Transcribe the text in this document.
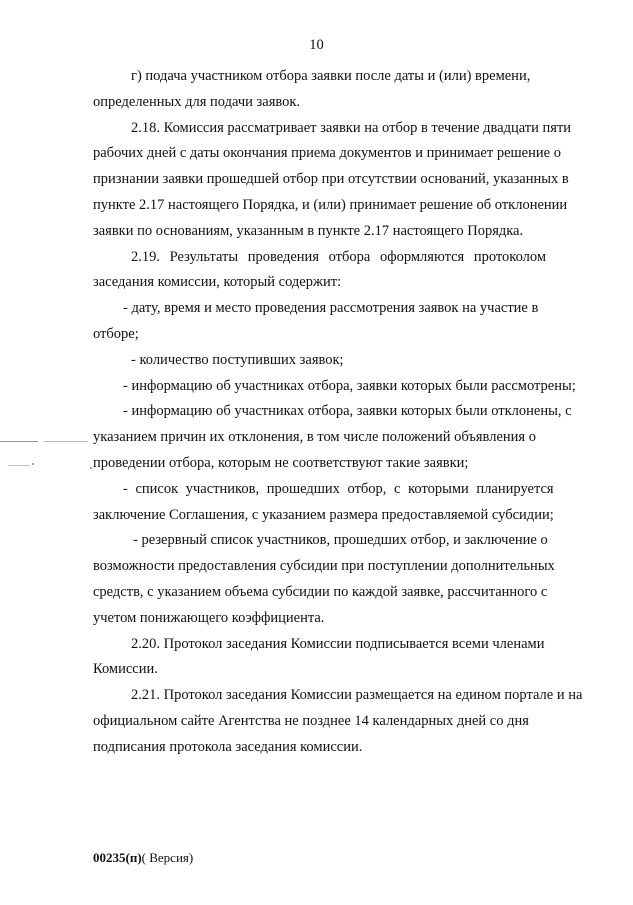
10

г) подача участником отбора заявки после даты и (или) времени,

определенных для подачи заявок.

2.18. Комиссия рассматривает заявки на отбор в течение двадцати пяти

рабочих дней с даты окончания приема документов и принимает решение о

признании заявки прошедшей отбор при отсутствии оснований, указанных в

пункте 2.17 настоящего Порядка, и (или) принимает решение об отклонении

заявки по основаниям, указанным в пункте 2.17 настоящего Порядка.

2.19. Результаты проведения отбора оформляются протоколом

заседания комиссии, который содержит:

- дату, время и место проведения рассмотрения заявок на участие в

отборе;

- количество поступивших заявок;

- информацию об участниках отбора, заявки которых были рассмотрены;

- информацию об участниках отбора, заявки которых были отклонены, с

указанием причин их отклонения, в том числе положений объявления о

проведении отбора, которым не соответствуют такие заявки;

- список участников, прошедших отбор, с которыми планируется

заключение Соглашения, с указанием размера предоставляемой субсидии;

- резервный список участников, прошедших отбор, и заключение о

возможности предоставления субсидии при поступлении дополнительных

средств, с указанием объема субсидии по каждой заявке, рассчитанного с

учетом понижающего коэффициента.

2.20. Протокол заседания Комиссии подписывается всеми членами

Комиссии.

2.21. Протокол заседания Комиссии размещается на едином портале и на

официальном сайте Агентства не позднее 14 календарных дней со дня

подписания протокола заседания комиссии.

00235(п)( Версия)
